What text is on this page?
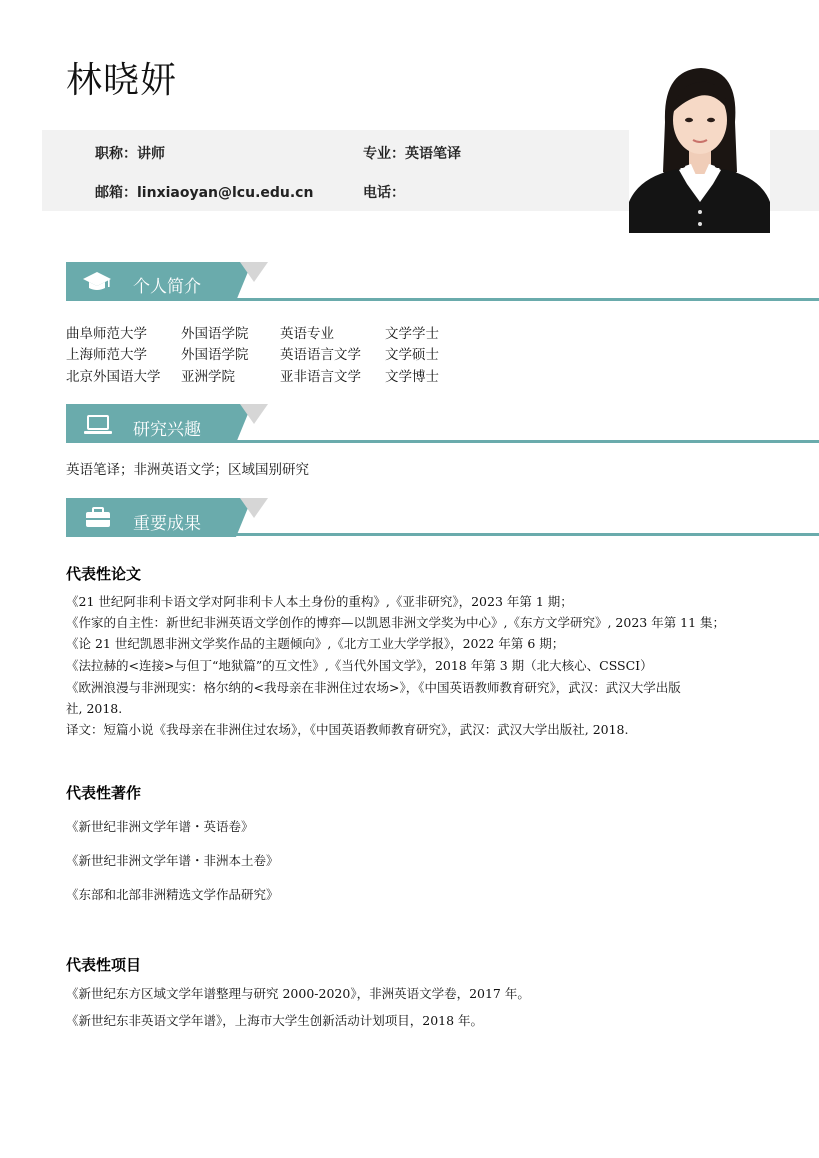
林晓妍
职称：讲师	专业：英语笔译
邮箱：linxiaoyan@lcu.edu.cn	电话：
个人简介
曲阜师范大学	外国语学院 英语专业	文学学士
上海师范大学	外国语学院 英语语言文学 文学硕士
北京外国语大学 亚洲学院	亚非语言文学 文学博士
研究兴趣
英语笔译；非洲英语文学；区域国别研究
重要成果
代表性论文
《21 世纪阿非利卡语文学对阿非利卡人本土身份的重构》,《亚非研究》，2023 年第 1 期；
《作家的自主性：新世纪非洲英语文学创作的博弈—以凯恩非洲文学奖为中心》,《东方文学研究》, 2023 年第 11 集；
《论 21 世纪凯恩非洲文学奖作品的主题倾向》,《北方工业大学学报》，2022 年第 6 期；
《法拉赫的<连接>与但丁“地狱篇”的互文性》,《当代外国文学》，2018 年第 3 期（北大核心、CSSCI）
《欧洲浪漫与非洲现实：格尔纳的<我母亲在非洲住过农场>》，《中国英语教师教育研究》，武汉：武汉大学出版
社, 2018.
译文：短篇小说《我母亲在非洲住过农场》，《中国英语教师教育研究》，武汉：武汉大学出版社, 2018.
代表性著作
《新世纪非洲文学年谱・英语卷》
《新世纪非洲文学年谱・非洲本土卷》
《东部和北部非洲精选文学作品研究》
代表性项目
《新世纪东方区域文学年谱整理与研究 2000-2020》，非洲英语文学卷，2017 年。
《新世纪东非英语文学年谱》，上海市大学生创新活动计划项目，2018 年。
